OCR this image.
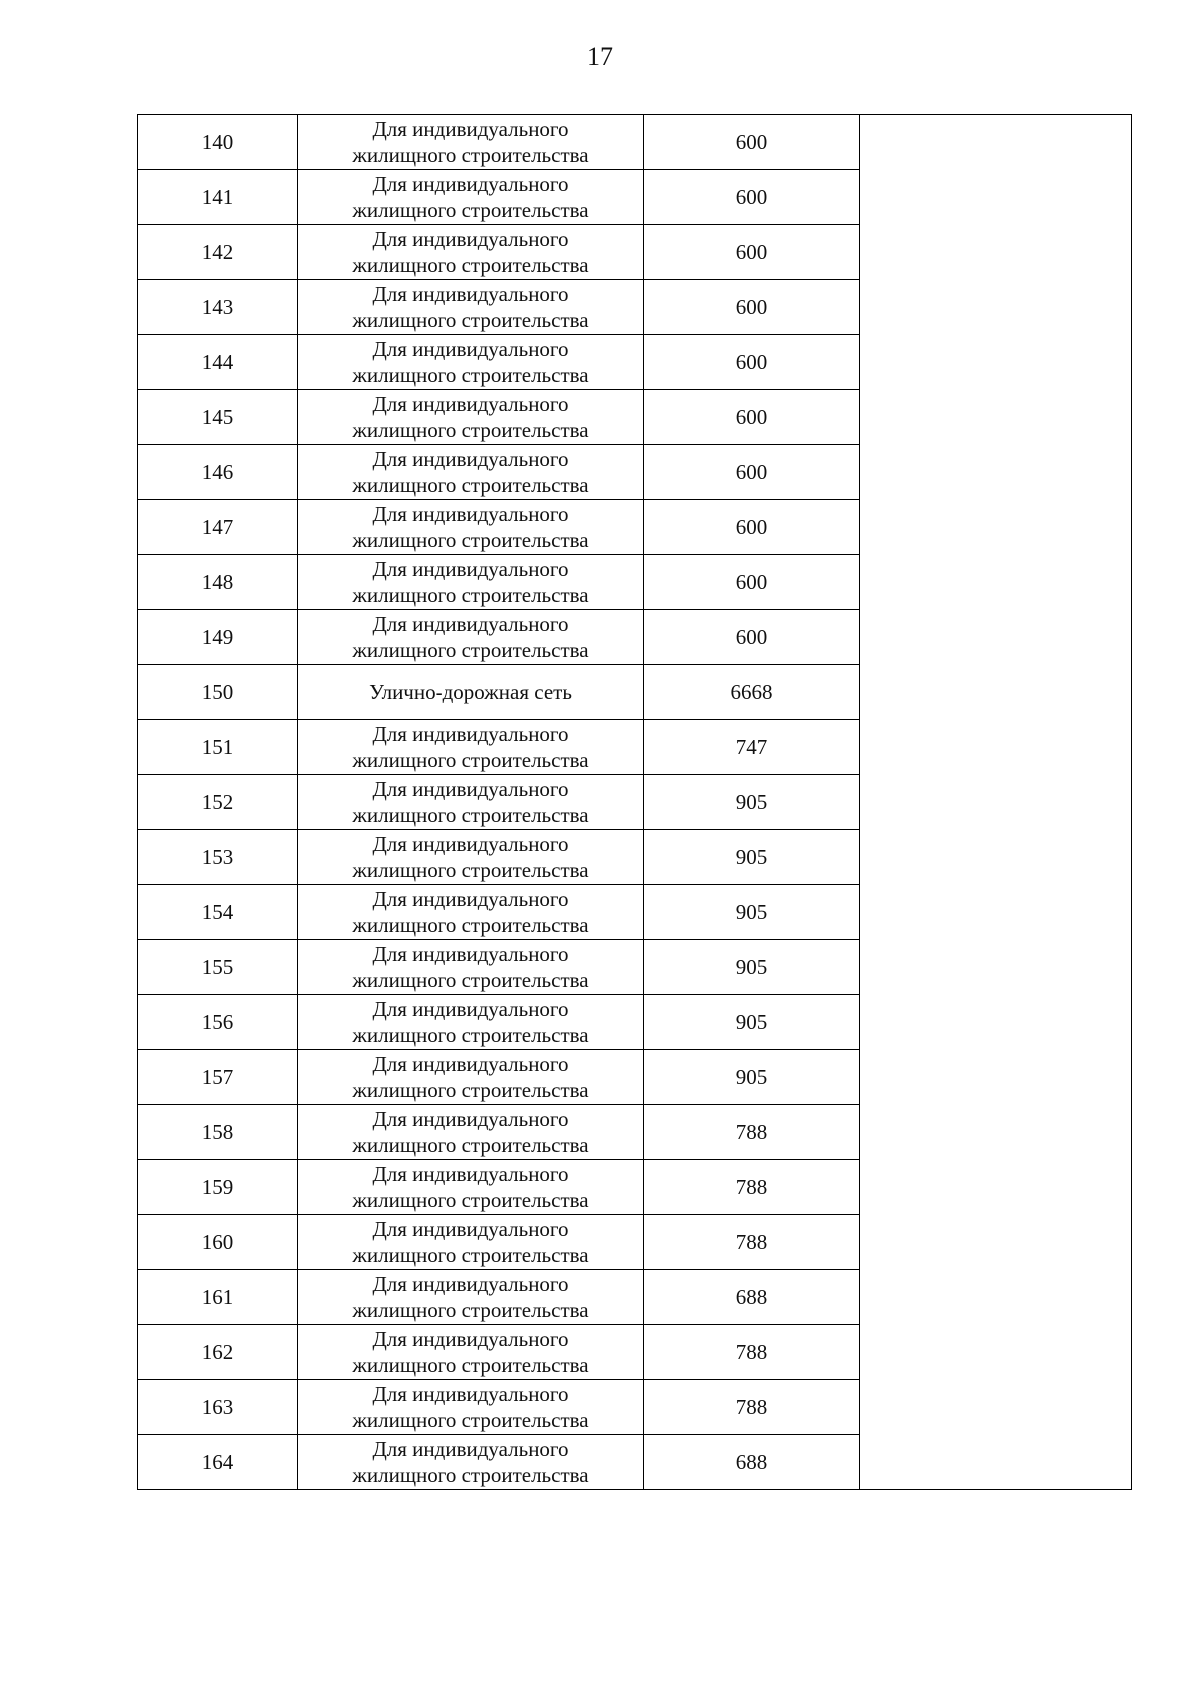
17
140	Для индивидуального
жилищного строительства	600	
141	Для индивидуального
жилищного строительства	600	
142	Для индивидуального
жилищного строительства	600	
143	Для индивидуального
жилищного строительства	600	
144	Для индивидуального
жилищного строительства	600	
145	Для индивидуального
жилищного строительства	600	
146	Для индивидуального
жилищного строительства	600	
147	Для индивидуального
жилищного строительства	600	
148	Для индивидуального
жилищного строительства	600	
149	Для индивидуального
жилищного строительства	600	
150	Улично-дорожная сеть	6668	
151	Для индивидуального
жилищного строительства	747	
152	Для индивидуального
жилищного строительства	905	
153	Для индивидуального
жилищного строительства	905	
154	Для индивидуального
жилищного строительства	905	
155	Для индивидуального
жилищного строительства	905	
156	Для индивидуального
жилищного строительства	905	
157	Для индивидуального
жилищного строительства	905	
158	Для индивидуального
жилищного строительства	788	
159	Для индивидуального
жилищного строительства	788	
160	Для индивидуального
жилищного строительства	788	
161	Для индивидуального
жилищного строительства	688	
162	Для индивидуального
жилищного строительства	788	
163	Для индивидуального
жилищного строительства	788	
164	Для индивидуального
жилищного строительства	688	
